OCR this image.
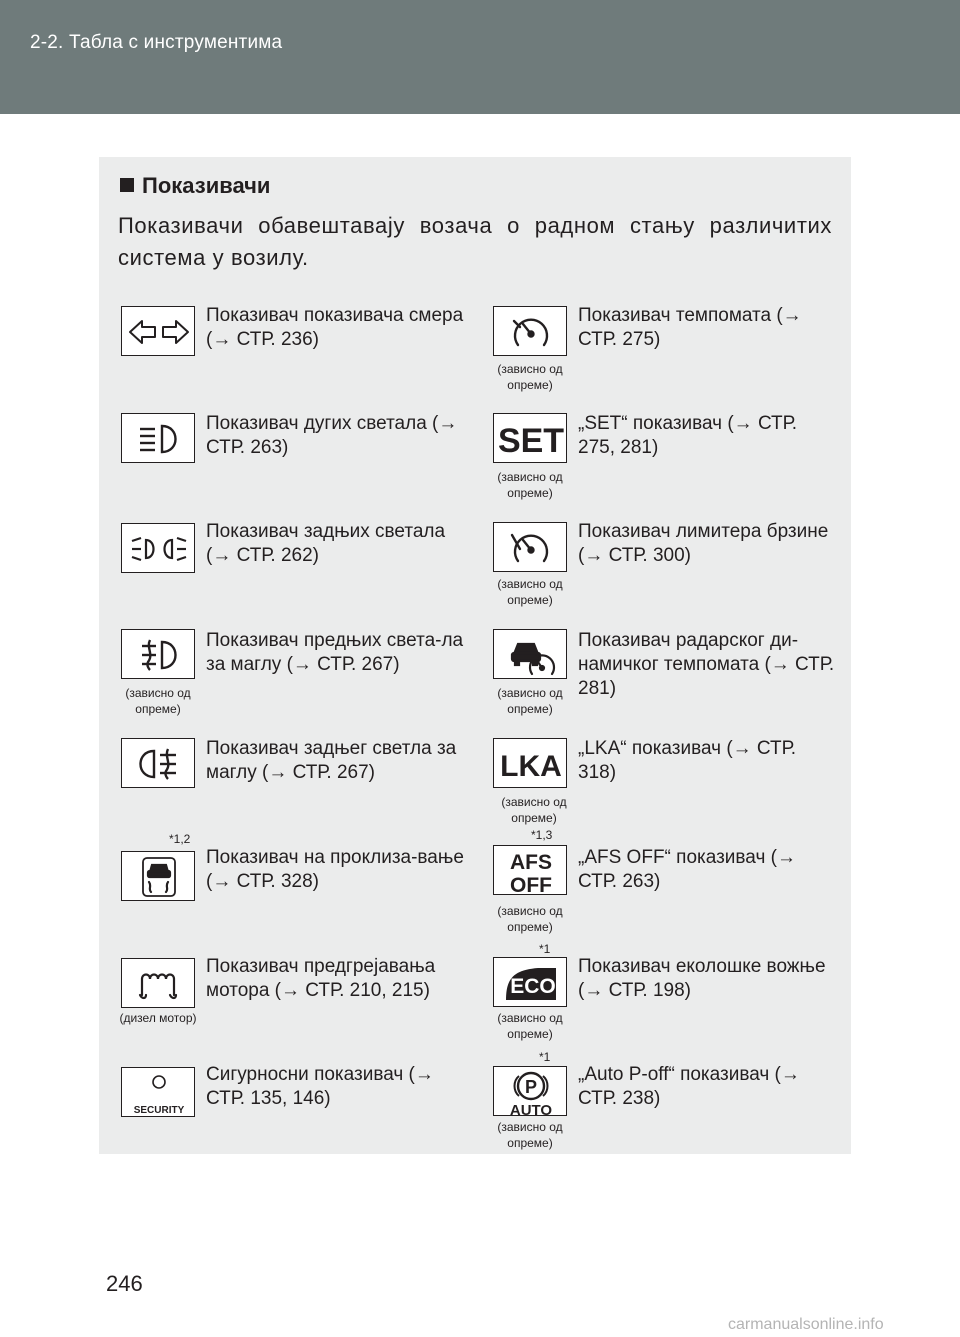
2-2. Табла с инструментима
Показивачи
Показивачи обавештавају возача о радном стању различитих система у возилу.
Показивач показивача смера (→ СТР. 236)
Показивач темпомата (→ СТР. 275)
(зависно од опреме)
Показивач дугих светала (→ СТР. 263)	SET „SET“ показивач (→ СТР. 275, 281)
(зависно од опреме)
Показивач задњих светала (→ СТР. 262)
Показивач лимитера брзине (→ СТР. 300)
(зависно од опреме)
Показивач предњих света-ла за маглу (→ СТР. 267)
(зависно од опреме)
Показивач радарског ди-намичког темпомата (→ СТР. 281)
(зависно од опреме)
Показивач задњег светла за маглу (→ СТР. 267)	LKA
„LKA“ показивач (→ СТР. 318)
(зависно од опреме)
*1,2
Показивач на проклиза-вање (→ СТР. 328)
*1,3
AFS
OFF
„AFS OFF“ показивач (→ СТР. 263)
(зависно од опреме)
Показивач предгрејавања мотора (→ СТР. 210, 215)
(дизел мотор)
*1
ECO
Показивач еколошке вожње (→ СТР. 198)
(зависно од опреме)
SECURITY
Сигурносни показивач (→ СТР. 135, 146)
*1
P
AUTO
„Auto P-off“ показивач (→ СТР. 238)
(зависно од опреме)
246
carmanualsonline.info
